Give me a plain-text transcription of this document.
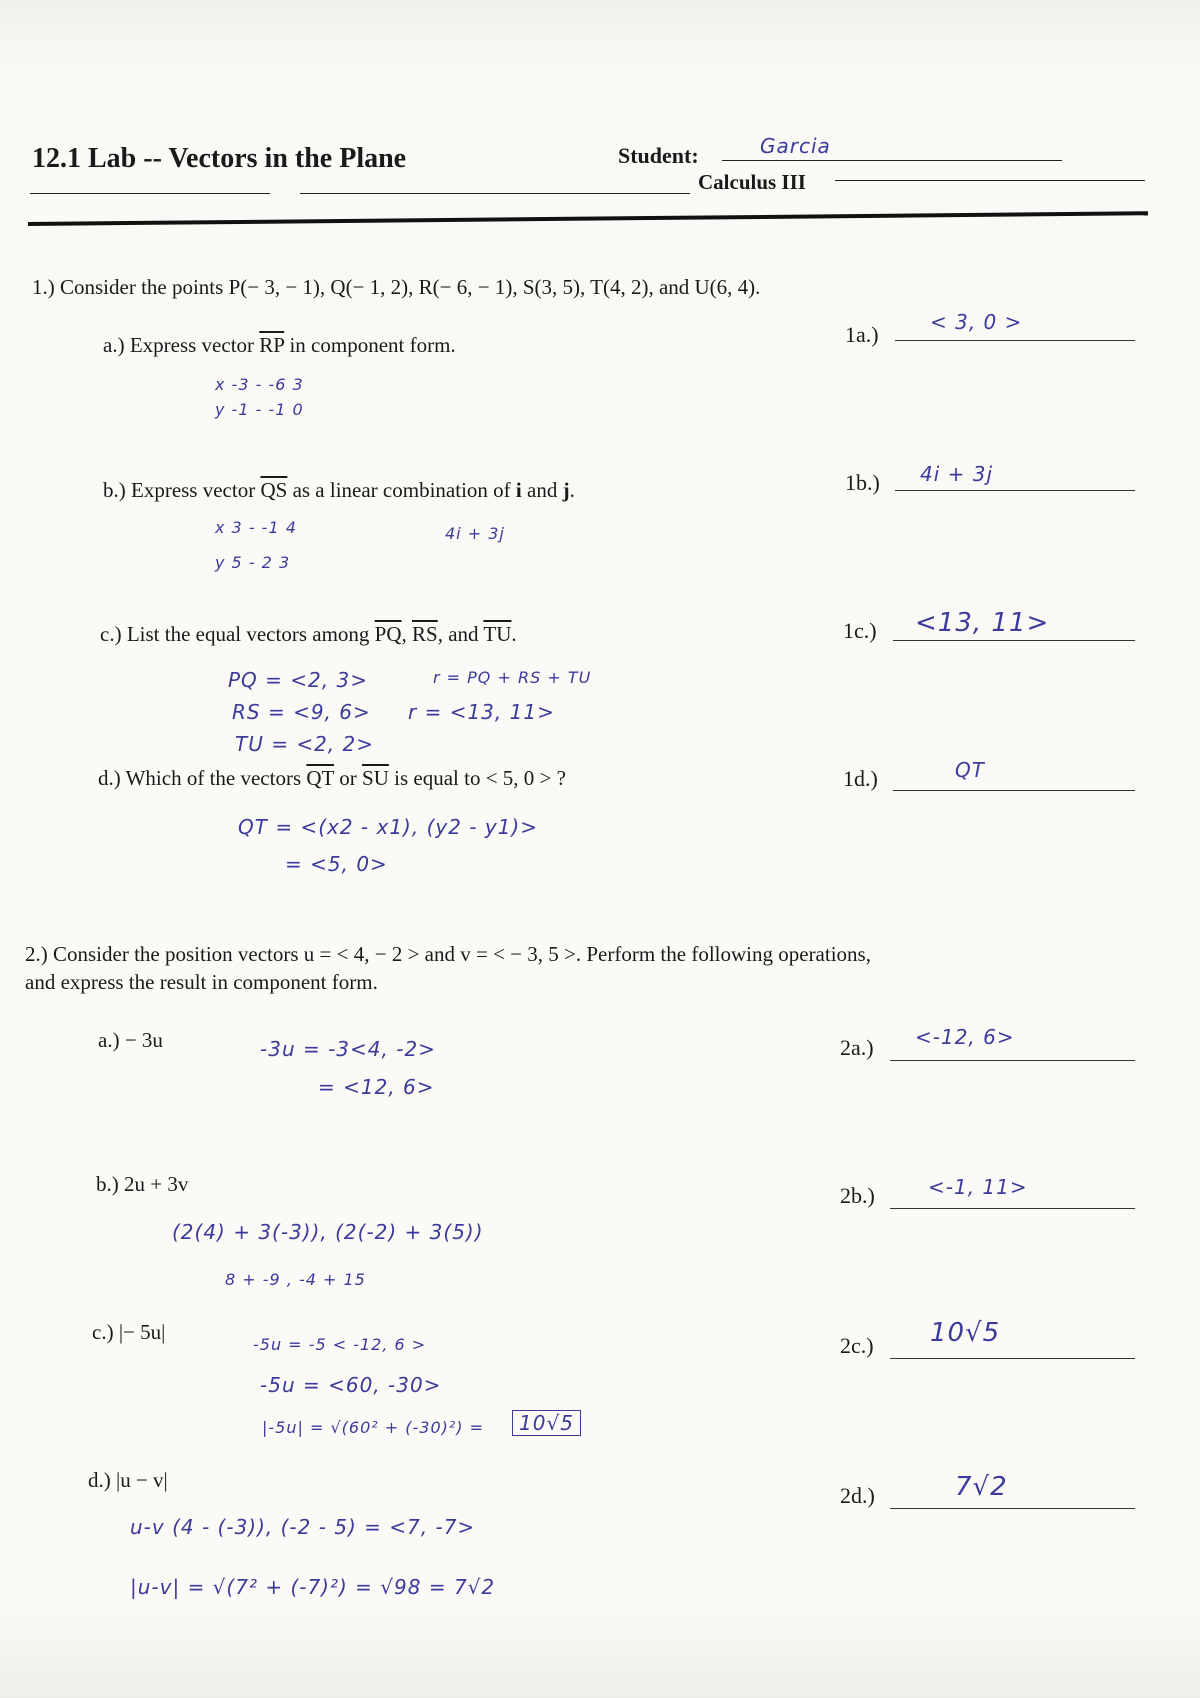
12.1 Lab -- Vectors in the Plane	Student:	Garcia
Calculus III
1.) Consider the points P(− 3, − 1), Q(− 1, 2), R(− 6, − 1), S(3, 5), T(4, 2), and U(6, 4).
a.) Express vector $\overline{RP}$ in component form.	1a.)	< 3, 0 >
x -3 - -6 3
y -1 - -1 0
b.) Express vector $\overline{QS}$ as a linear combination of i and j.	1b.) 4i + 3j
x 3 - -1 4
y 5 - 2 3
4i + 3j
c.) List the equal vectors among $\overline{PQ}$, $\overline{RS}$, and $\overline{TU}$.	1c.) <13, 11>
PQ = <2, 3>
RS = <9, 6>
TU = <2, 2>
r = PQ + RS + TU
r = <13, 11>
d.) Which of the vectors $\overline{QT}$ or $\overline{SU}$ is equal to < 5, 0 > ?	1d.)	QT
QT = <(x2 - x1), (y2 - y1)>
= <5, 0>
2.) Consider the position vectors u = < 4, − 2 > and v = < − 3, 5 >. Perform the following operations,
and express the result in component form.
a.) − 3u	2a.) <-12, 6>
-3u = -3<4, -2>
= <12, 6>
b.) 2u + 3v	2b.)	<-1, 11>
(2(4) + 3(-3)), (2(-2) + 3(5))
8 + -9 , -4 + 15
c.) |− 5u|
2c.) 10√5
-5u = -5 < -12, 6 >
-5u = <60, -30>
|-5u| = √(60² + (-30)²) =	10√5
d.) |u − v|
2d.)	7√2
u-v (4 - (-3)), (-2 - 5) = <7, -7>
|u-v| = √(7² + (-7)²) = √98 = 7√2
